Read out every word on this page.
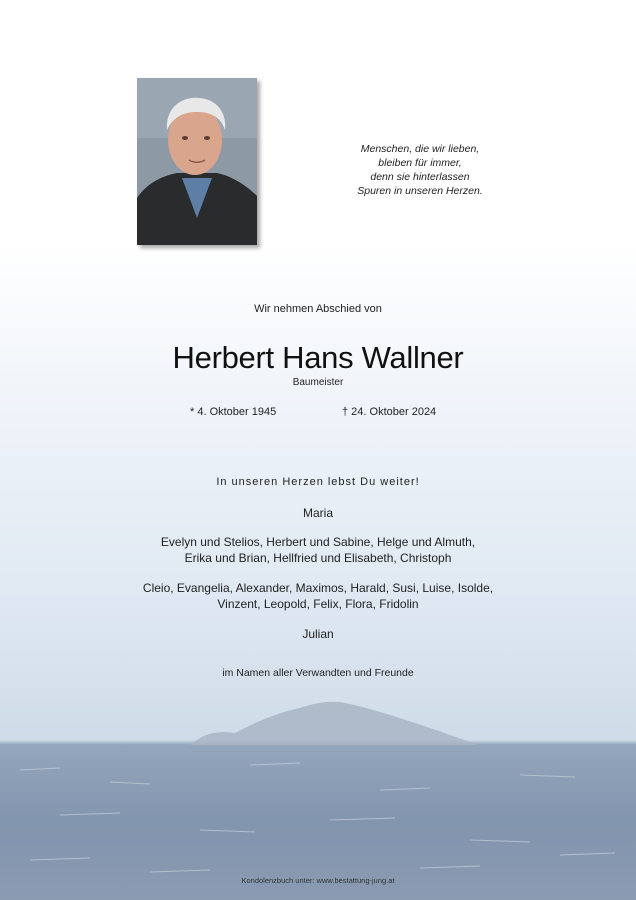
Menschen, die wir lieben,
bleiben für immer,
denn sie hinterlassen
Spuren in unseren Herzen.
Wir nehmen Abschied von
Herbert Hans Wallner
Baumeister
* 4. Oktober 1945	† 24. Oktober 2024
In unseren Herzen lebst Du weiter!
Maria
Evelyn und Stelios, Herbert und Sabine, Helge und Almuth,
Erika und Brian, Hellfried und Elisabeth, Christoph
Cleio, Evangelia, Alexander, Maximos, Harald, Susi, Luise, Isolde,
Vinzent, Leopold, Felix, Flora, Fridolin
Julian
im Namen aller Verwandten und Freunde
Kondolenzbuch unter: www.bestattung-jung.at
